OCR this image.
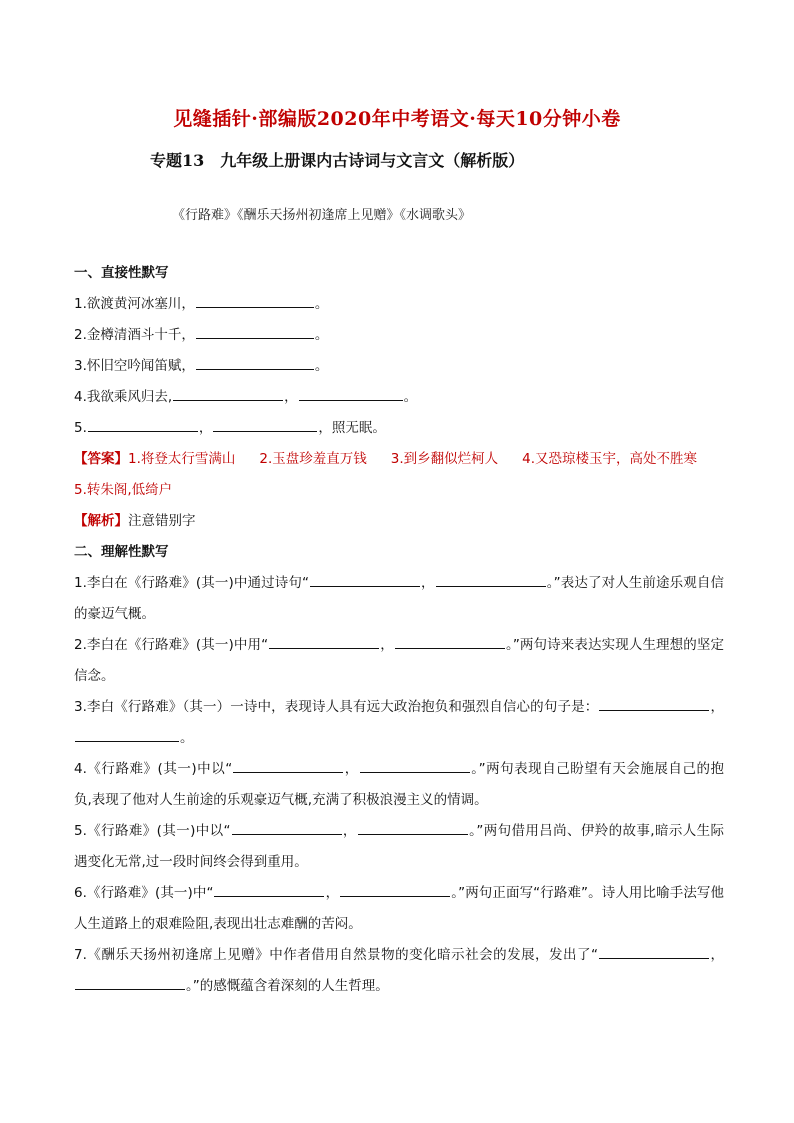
见缝插针·部编版2020年中考语文·每天10分钟小卷
专题13　九年级上册课内古诗词与文言文（解析版）
《行路难》《酬乐天扬州初逢席上见赠》《水调歌头》
一、直接性默写
1.欲渡黄河冰塞川，	。
2.金樽清酒斗十千，	。
3.怀旧空吟闻笛赋，	。
4.我欲乘风归去,	，	。
5.	，	，照无眠。
【答案】1.将登太行雪满山 2.玉盘珍羞直万钱 3.到乡翻似烂柯人 4.又恐琼楼玉宇，高处不胜寒5.转朱阁,低绮户
【解析】注意错别字
二、理解性默写
1.李白在《行路难》(其一)中通过诗句“	，	。”表达了对人生前途乐观自信的豪迈气概。
2.李白在《行路难》(其一)中用“	，	。”两句诗来表达实现人生理想的坚定信念。
3.李白《行路难》（其一）一诗中，表现诗人具有远大政治抱负和强烈自信心的句子是：	，。
4.《行路难》(其一)中以“	，	。”两句表现自己盼望有天会施展自己的抱负,表现了他对人生前途的乐观豪迈气概,充满了积极浪漫主义的情调。
5.《行路难》(其一)中以“	，	。”两句借用吕尚、伊羚的故事,暗示人生际遇变化无常,过一段时间终会得到重用。
6.《行路难》(其一)中“	，	。”两句正面写“行路难”。诗人用比喻手法写他人生道路上的艰难险阻,表现出壮志难酬的苦闷。
7.《酬乐天扬州初逢席上见赠》中作者借用自然景物的变化暗示社会的发展，发出了“	，。”的感慨蕴含着深刻的人生哲理。
